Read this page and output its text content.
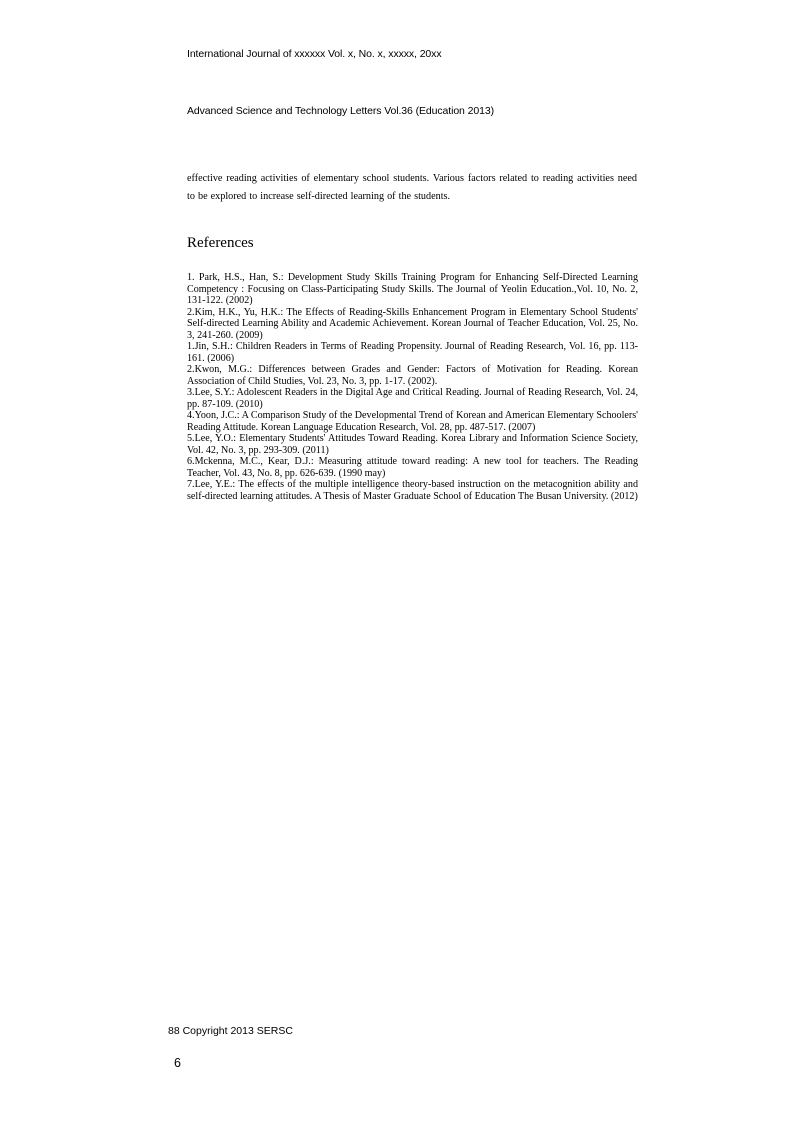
International Journal of xxxxxx Vol. x, No. x, xxxxx, 20xx
Advanced Science and Technology Letters Vol.36 (Education 2013)

effective reading activities of elementary school students. Various factors related to reading activities need to be explored to increase self-directed learning of the students.

References
1. Park, H.S., Han, S.: Development Study Skills Training Program for Enhancing Self-Directed Learning Competency : Focusing on Class-Participating Study Skills. The Journal of Yeolin Education.,Vol. 10, No. 2, 131-122. (2002)
2.Kim, H.K., Yu, H.K.: The Effects of Reading-Skills Enhancement Program in Elementary School Students' Self-directed Learning Ability and Academic Achievement. Korean Journal of Teacher Education, Vol. 25, No. 3, 241-260. (2009)
1.Jin, S.H.: Children Readers in Terms of Reading Propensity. Journal of Reading Research, Vol. 16, pp. 113-161. (2006)
2.Kwon, M.G.: Differences between Grades and Gender: Factors of Motivation for Reading. Korean Association of Child Studies, Vol. 23, No. 3, pp. 1-17. (2002).
3.Lee, S.Y.: Adolescent Readers in the Digital Age and Critical Reading. Journal of Reading Research, Vol. 24, pp. 87-109. (2010)
4.Yoon, J.C.: A Comparison Study of the Developmental Trend of Korean and American Elementary Schoolers' Reading Attitude. Korean Language Education Research, Vol. 28, pp. 487-517. (2007)
5.Lee, Y.O.: Elementary Students' Attitudes Toward Reading. Korea Library and Information Science Society, Vol. 42, No. 3, pp. 293-309. (2011)
6.Mckenna, M.C., Kear, D.J.: Measuring attitude toward reading: A new tool for teachers. The Reading Teacher, Vol. 43, No. 8, pp. 626-639. (1990 may)
7.Lee, Y.E.: The effects of the multiple intelligence theory-based instruction on the metacognition ability and self-directed learning attitudes. A Thesis of Master Graduate School of Education The Busan University. (2012)
88 Copyright 2013 SERSC
6
